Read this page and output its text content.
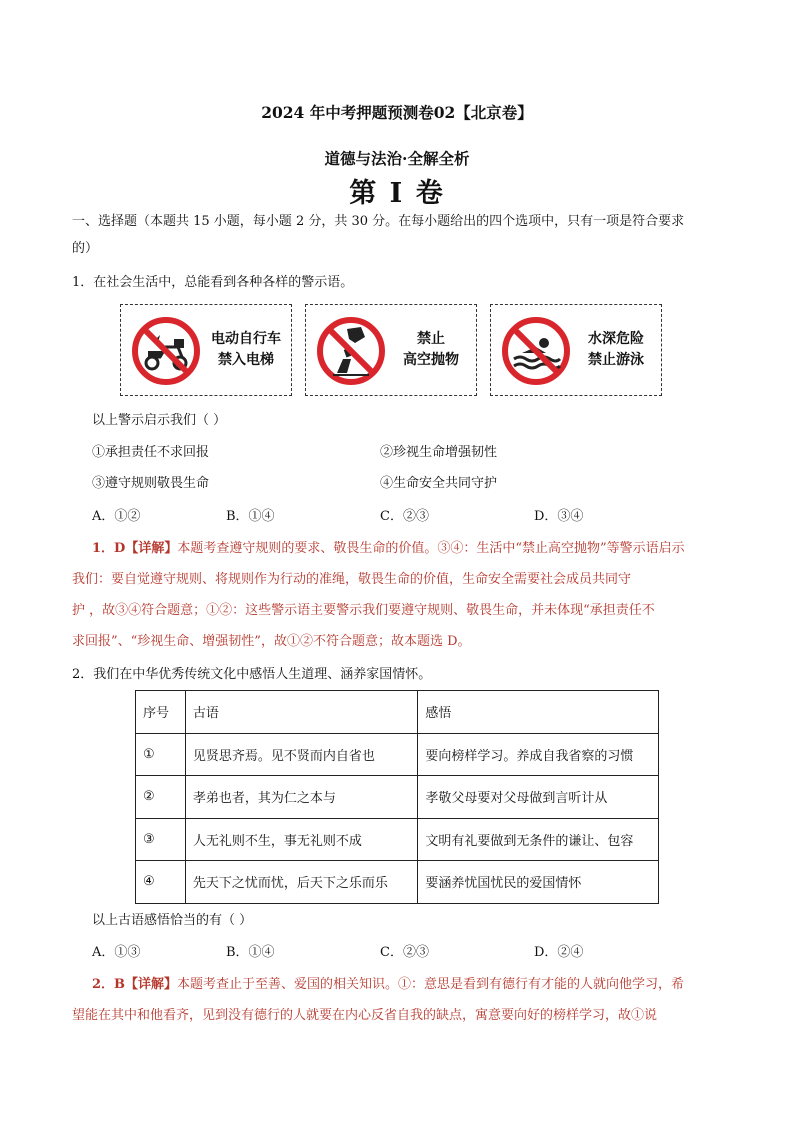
2024 年中考押题预测卷02【北京卷】
道德与法治·全解全析
第 I 卷
一、选择题（本题共 15 小题，每小题 2 分，共 30 分。在每小题给出的四个选项中，只有一项是符合要求
的）
1．在社会生活中，总能看到各种各样的警示语。
电动自行车
禁入电梯
禁止
高空抛物
水深危险
禁止游泳
以上警示启示我们（ ）
①承担责任不求回报	②珍视生命增强韧性
③遵守规则敬畏生命	④生命安全共同守护
A．①②	B．①④	C．②③	D．③④
1．D【详解】本题考查遵守规则的要求、敬畏生命的价值。③④：生活中“禁止高空抛物”等警示语启示
我们：要自觉遵守规则、将规则作为行动的准绳，敬畏生命的价值，生命安全需要社会成员共同守
护 ，故③④符合题意；①②：这些警示语主要警示我们要遵守规则、敬畏生命，并未体现“承担责任不
求回报”、“珍视生命、增强韧性”，故①②不符合题意；故本题选 D。
2．我们在中华优秀传统文化中感悟人生道理、涵养家国情怀。
序号	古语	感悟
①	见贤思齐焉。见不贤而内自省也	要向榜样学习。养成自我省察的习惯
②	孝弟也者，其为仁之本与	孝敬父母要对父母做到言听计从
③	人无礼则不生，事无礼则不成	文明有礼要做到无条件的谦让、包容
④	先天下之忧而忧，后天下之乐而乐	要涵养忧国忧民的爱国情怀
以上古语感悟恰当的有（ ）
A．①③	B．①④	C．②③	D．②④
2．B【详解】本题考查止于至善、爱国的相关知识。①：意思是看到有德行有才能的人就向他学习，希
望能在其中和他看齐，见到没有德行的人就要在内心反省自我的缺点，寓意要向好的榜样学习，故①说
